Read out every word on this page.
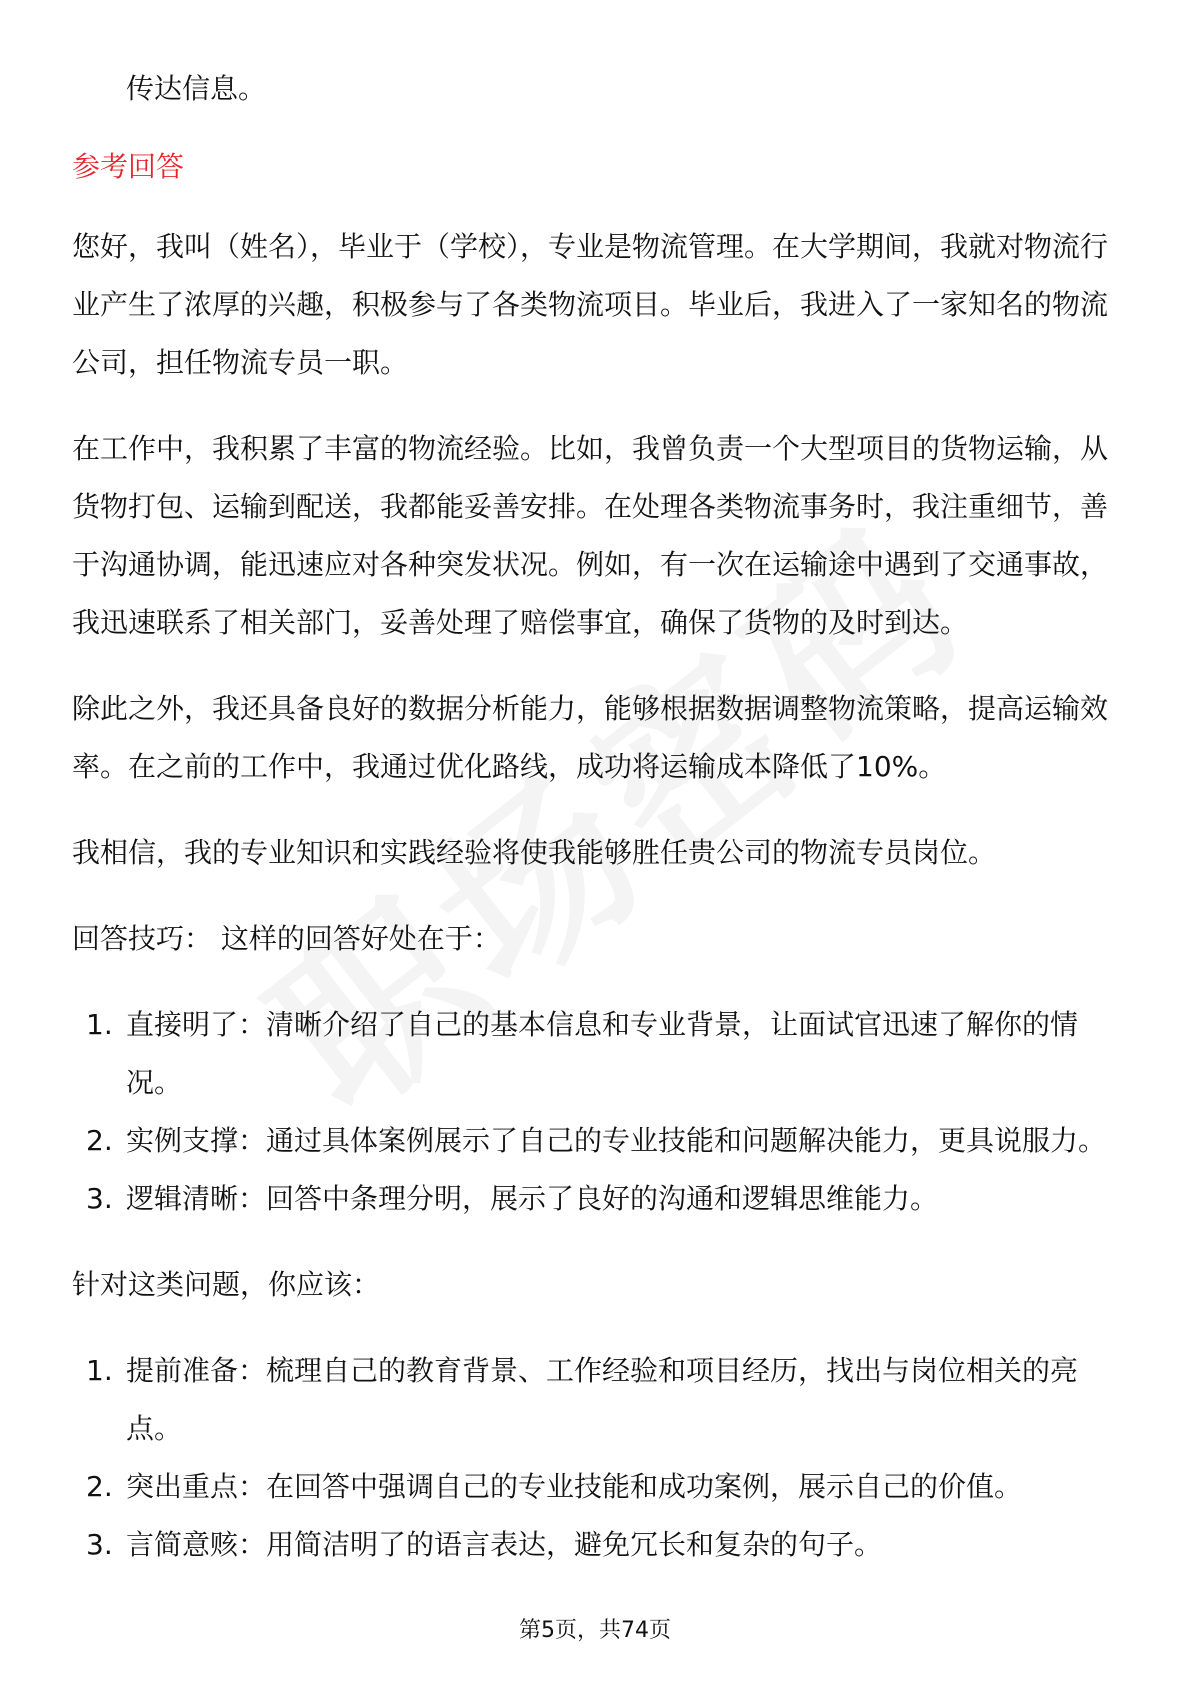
传达信息。

参考回答

您好，我叫（姓名），毕业于（学校），专业是物流管理。在大学期间，我就对物流行业产生了浓厚的兴趣，积极参与了各类物流项目。毕业后，我进入了一家知名的物流公司，担任物流专员一职。

在工作中，我积累了丰富的物流经验。比如，我曾负责一个大型项目的货物运输，从货物打包、运输到配送，我都能妥善安排。在处理各类物流事务时，我注重细节，善于沟通协调，能迅速应对各种突发状况。例如，有一次在运输途中遇到了交通事故，我迅速联系了相关部门，妥善处理了赔偿事宜，确保了货物的及时到达。

除此之外，我还具备良好的数据分析能力，能够根据数据调整物流策略，提高运输效率。在之前的工作中，我通过优化路线，成功将运输成本降低了10%。

我相信，我的专业知识和实践经验将使我能够胜任贵公司的物流专员岗位。

回答技巧： 这样的回答好处在于：

1. 直接明了：清晰介绍了自己的基本信息和专业背景，让面试官迅速了解你的情况。
2. 实例支撑：通过具体案例展示了自己的专业技能和问题解决能力，更具说服力。
3. 逻辑清晰：回答中条理分明，展示了良好的沟通和逻辑思维能力。

针对这类问题，你应该：

1. 提前准备：梳理自己的教育背景、工作经验和项目经历，找出与岗位相关的亮点。
2. 突出重点：在回答中强调自己的专业技能和成功案例，展示自己的价值。
3. 言简意赅：用简洁明了的语言表达，避免冗长和复杂的句子。
第5页，共74页
